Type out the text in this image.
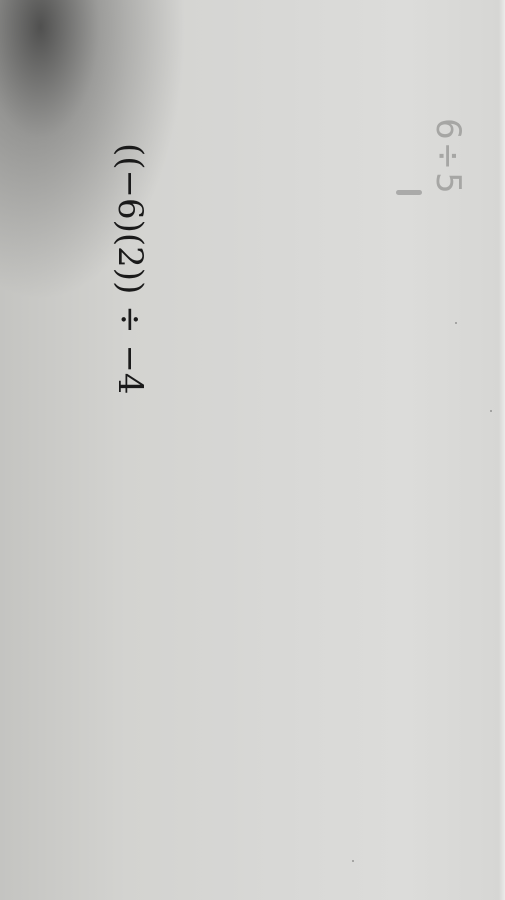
((−6)(2)) ÷ −4	6÷5
